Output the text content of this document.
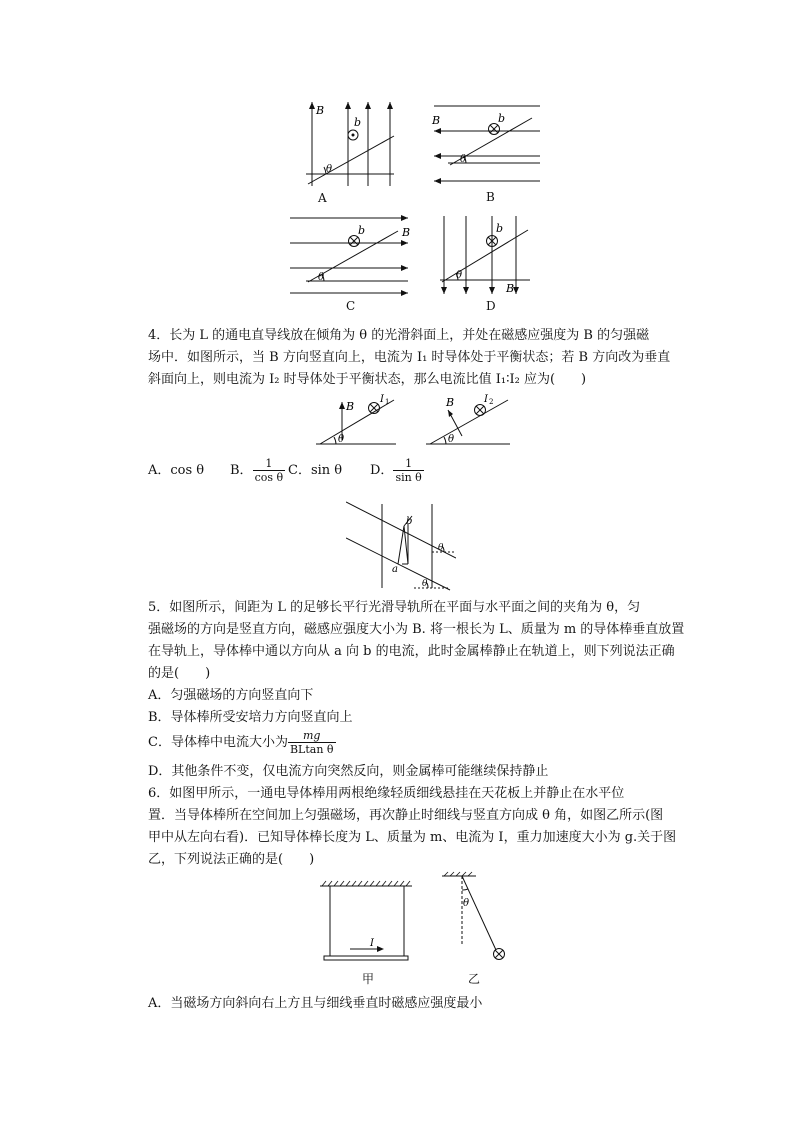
B
b
θ
A
B	b
θ
B
B
b
θ
C
B
b
θ
D
4．长为 L 的通电直导线放在倾角为 θ 的光滑斜面上，并处在磁感应强度为 B 的匀强磁
场中．如图所示，当 B 方向竖直向上，电流为 I₁ 时导体处于平衡状态；若 B 方向改为垂直
斜面向上，则电流为 I₂ 时导体处于平衡状态，那么电流比值 I₁∶I₂ 应为(　　)
B
I 1
θ
B	I 2
θ
A．cos θ B． $\frac{1}{\text{cos θ}}$ C．sin θ D． $\frac{1}{\text{sin θ}}$
b
a
θ
θ
5．如图所示，间距为 L 的足够长平行光滑导轨所在平面与水平面之间的夹角为 θ，匀
强磁场的方向是竖直方向，磁感应强度大小为 B. 将一根长为 L、质量为 m 的导体棒垂直放置
在导轨上，导体棒中通以方向从 a 向 b 的电流，此时金属棒静止在轨道上，则下列说法正确
的是(　　)
A．匀强磁场的方向竖直向下
B．导体棒所受安培力方向竖直向上
C．导体棒中电流大小为 $\frac{mg}{\text{BLtan θ}}$
D．其他条件不变，仅电流方向突然反向，则金属棒可能继续保持静止
6．如图甲所示，一通电导体棒用两根绝缘轻质细线悬挂在天花板上并静止在水平位
置．当导体棒所在空间加上匀强磁场，再次静止时细线与竖直方向成 θ 角，如图乙所示(图
甲中从左向右看)．已知导体棒长度为 L、质量为 m、电流为 I，重力加速度大小为 g.关于图
乙，下列说法正确的是(　　)
I
甲
θ
乙
A．当磁场方向斜向右上方且与细线垂直时磁感应强度最小
